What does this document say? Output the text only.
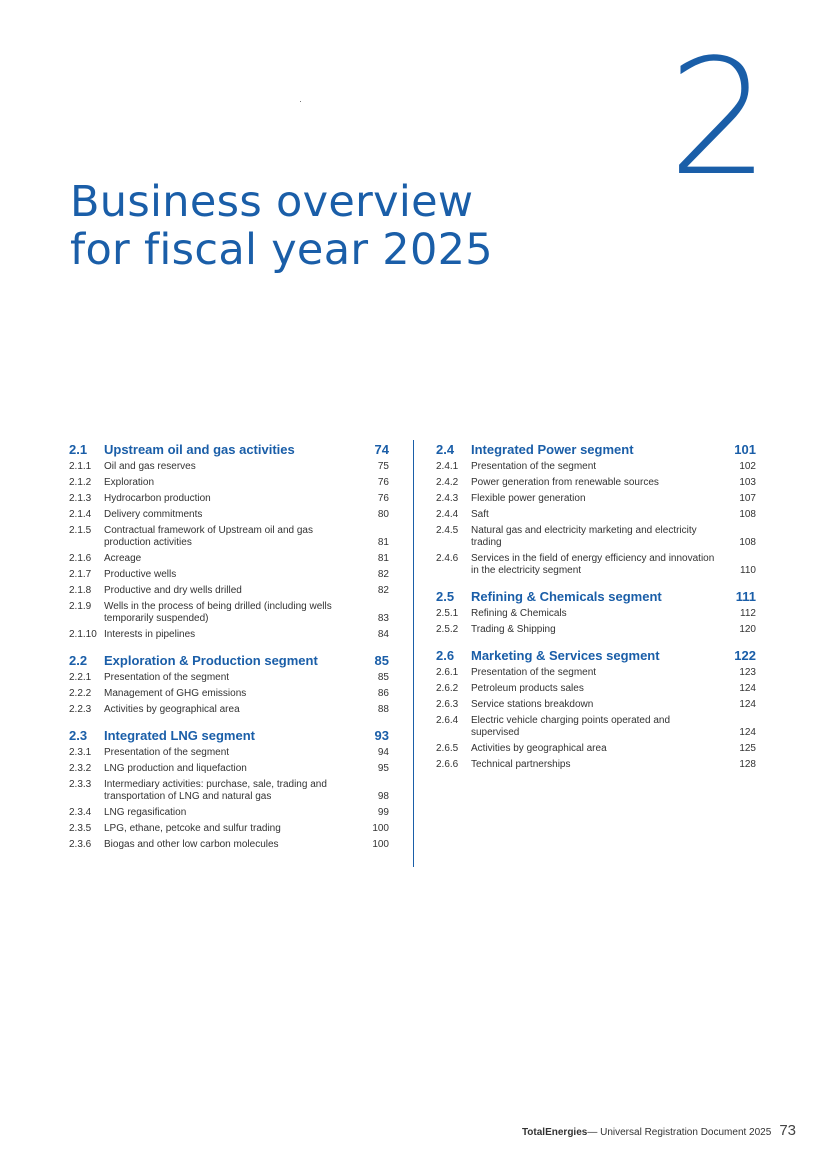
2
Business overview
for fiscal year 2025
2.1	Upstream oil and gas activities	74
2.1.1	Oil and gas reserves	75
2.1.2	Exploration	76
2.1.3	Hydrocarbon production	76
2.1.4	Delivery commitments	80
2.1.5	Contractual framework of Upstream oil and gas production activities	81
2.1.6	Acreage	81
2.1.7	Productive wells	82
2.1.8	Productive and dry wells drilled	82
2.1.9	Wells in the process of being drilled (including wells temporarily suspended)	83
2.1.10 Interests in pipelines	84
2.2	Exploration & Production segment	85
2.2.1	Presentation of the segment	85
2.2.2	Management of GHG emissions	86
2.2.3	Activities by geographical area	88
2.3	Integrated LNG segment	93
2.3.1	Presentation of the segment	94
2.3.2	LNG production and liquefaction	95
2.3.3	Intermediary activities: purchase, sale, trading and transportation of LNG and natural gas	98
2.3.4	LNG regasification	99
2.3.5	LPG, ethane, petcoke and sulfur trading	100
2.3.6	Biogas and other low carbon molecules	100
2.4	Integrated Power segment	101
2.4.1	Presentation of the segment	102
2.4.2	Power generation from renewable sources	103
2.4.3	Flexible power generation	107
2.4.4	Saft	108
2.4.5	Natural gas and electricity marketing and electricity trading	108
2.4.6	Services in the field of energy efficiency and innovation in the electricity segment	110
2.5	Refining & Chemicals segment	111
2.5.1	Refining & Chemicals	112
2.5.2	Trading & Shipping	120
2.6	Marketing & Services segment	122
2.6.1	Presentation of the segment	123
2.6.2	Petroleum products sales	124
2.6.3	Service stations breakdown	124
2.6.4	Electric vehicle charging points operated and supervised	124
2.6.5	Activities by geographical area	125
2.6.6	Technical partnerships	128
TotalEnergies — Universal Registration Document 2025 73
